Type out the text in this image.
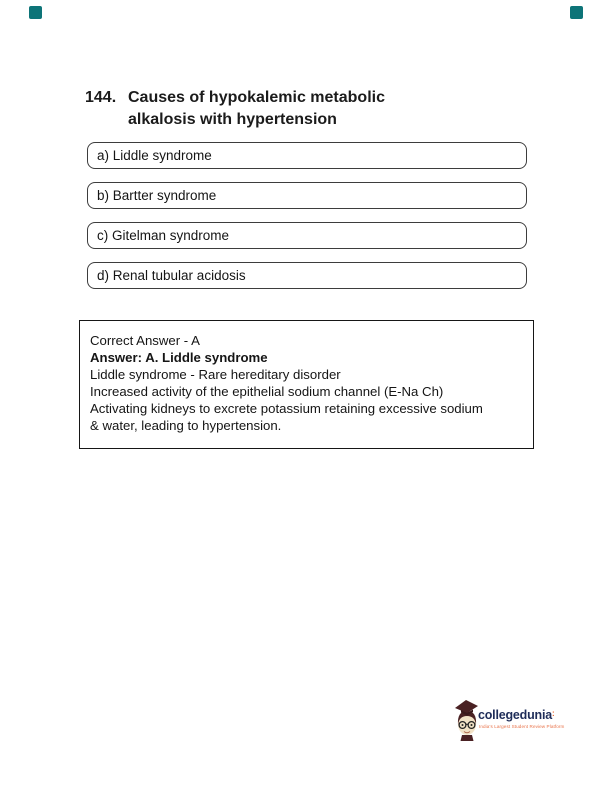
144. Causes of hypokalemic metabolic
alkalosis with hypertension
a) Liddle syndrome
b) Bartter syndrome
c) Gitelman syndrome
d) Renal tubular acidosis
Correct Answer - A
Answer: A. Liddle syndrome
Liddle syndrome - Rare hereditary disorder
Increased activity of the epithelial sodium channel (E-Na Ch)
Activating kidneys to excrete potassium retaining excessive sodium
& water, leading to hypertension.
collegedunia:
India's Largest Student Review Platform
